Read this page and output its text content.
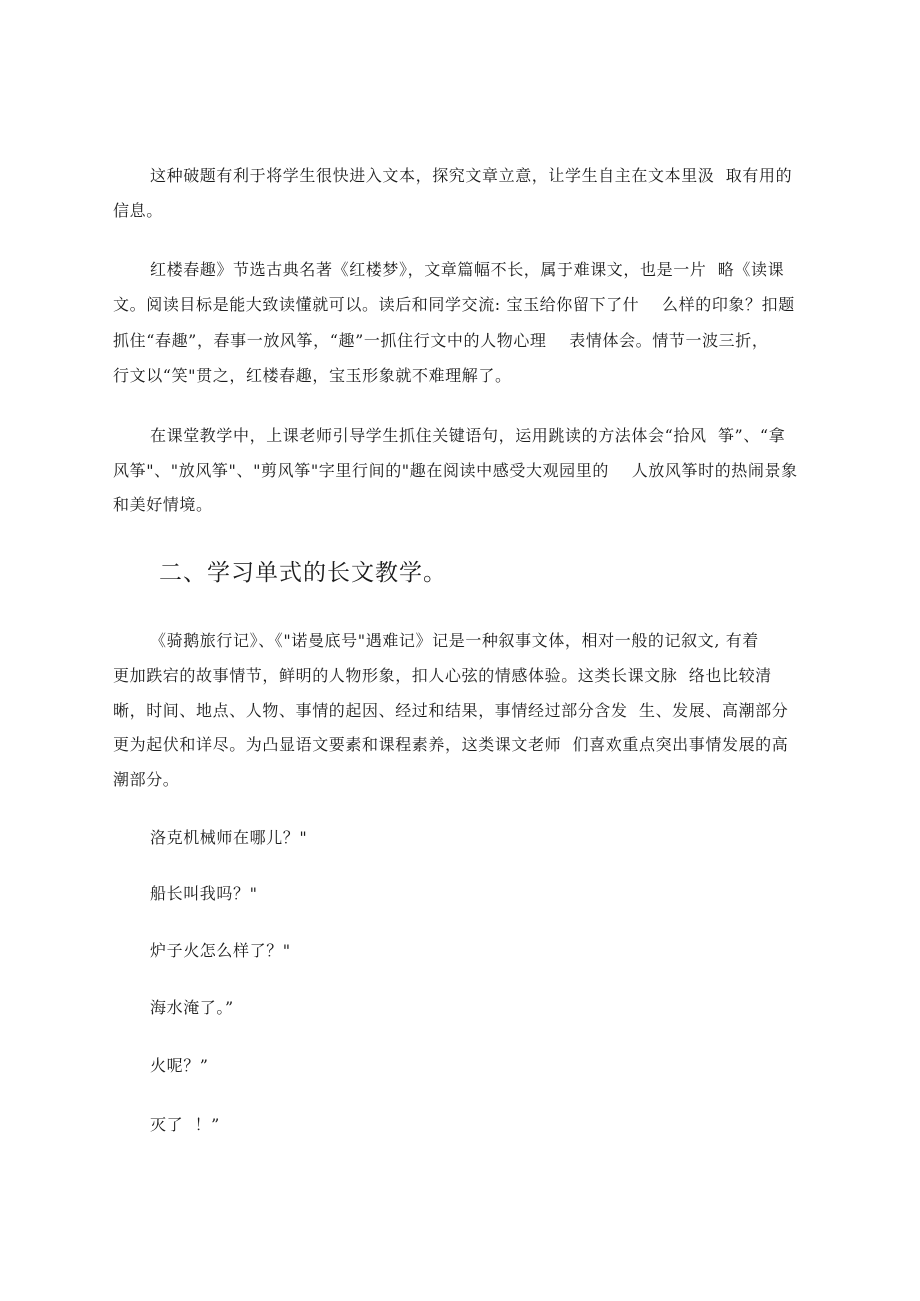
这种破题有利于将学生很快进入文本，探究文章立意，让学生自主在文本里汲  取有用的
信息。
红楼春趣》节选古典名著《红楼梦》，文章篇幅不长，属于难课文，也是一片  略《读课
文。阅读目标是能大致读懂就可以。读后和同学交流: 宝玉给你留下了什    么样的印象？扣题
抓住“春趣”，春事一放风筝，“趣”一抓住行文中的人物心理    表情体会。情节一波三折，
行文以“笑"贯之，红楼春趣，宝玉形象就不难理解了。
在课堂教学中，上课老师引导学生抓住关键语句，运用跳读的方法体会“拾风  筝”、“拿
风筝"、"放风筝"、"剪风筝"字里行间的"趣在阅读中感受大观园里的    人放风筝时的热闹景象
和美好情境。
二、学习单式的长文教学。
《骑鹅旅行记》、《"诺曼底号"遇难记》记是一种叙事文体，相对一般的记叙文, 有着
更加跌宕的故事情节，鲜明的人物形象，扣人心弦的情感体验。这类长课文脉  络也比较清
晰，时间、地点、人物、事情的起因、经过和结果，事情经过部分含发  生、发展、高潮部分
更为起伏和详尽。为凸显语文要素和课程素养，这类课文老师  们喜欢重点突出事情发展的高
潮部分。
洛克机械师在哪儿？"
船长叫我吗？"
炉子火怎么样了？"
海水淹了。”
火呢？”
灭了  ！”
